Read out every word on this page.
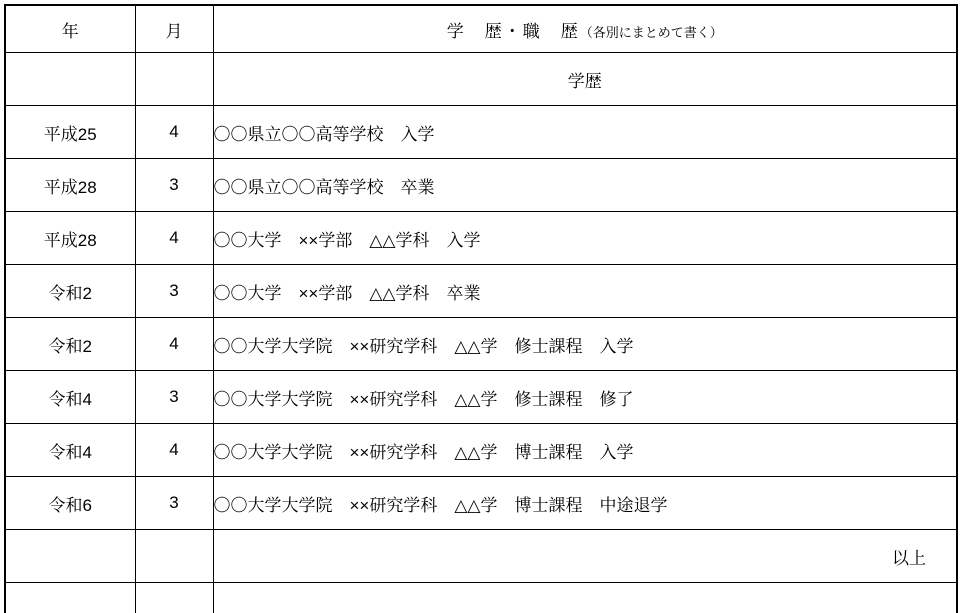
年	月	学　歴・職　歴（各別にまとめて書く）
		学歴
平成25	4	〇〇県立〇〇高等学校　入学
平成28	3	〇〇県立〇〇高等学校　卒業
平成28	4	〇〇大学　××学部　△△学科　入学
令和2	3	〇〇大学　××学部　△△学科　卒業
令和2	4	〇〇大学大学院　××研究学科　△△学　修士課程　入学
令和4	3	〇〇大学大学院　××研究学科　△△学　修士課程　修了
令和4	4	〇〇大学大学院　××研究学科　△△学　博士課程　入学
令和6	3	〇〇大学大学院　××研究学科　△△学　博士課程　中途退学
		以上
